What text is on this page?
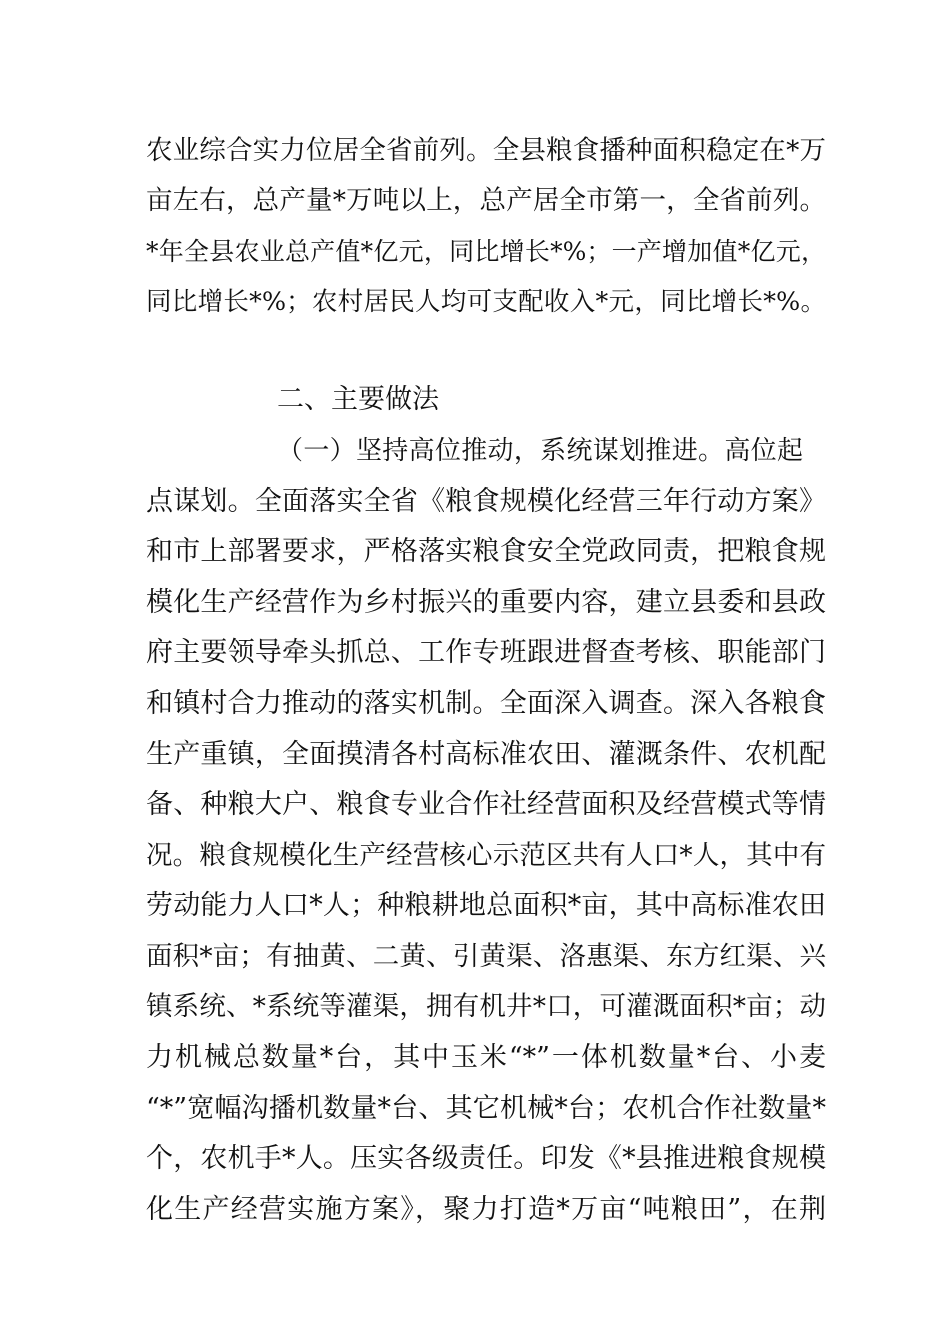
农业综合实力位居全省前列。全县粮食播种面积稳定在*万
亩左右，总产量*万吨以上，总产居全市第一，全省前列。
*年全县农业总产值*亿元，同比增长*%；一产增加值*亿元，
同比增长*%；农村居民人均可支配收入*元，同比增长*%。
二、主要做法
（一）坚持高位推动，系统谋划推进。高位起
点谋划。全面落实全省《粮食规模化经营三年行动方案》
和市上部署要求，严格落实粮食安全党政同责，把粮食规
模化生产经营作为乡村振兴的重要内容，建立县委和县政
府主要领导牵头抓总、工作专班跟进督查考核、职能部门
和镇村合力推动的落实机制。全面深入调查。深入各粮食
生产重镇，全面摸清各村高标准农田、灌溉条件、农机配
备、种粮大户、粮食专业合作社经营面积及经营模式等情
况。粮食规模化生产经营核心示范区共有人口*人，其中有
劳动能力人口*人；种粮耕地总面积*亩，其中高标准农田
面积*亩；有抽黄、二黄、引黄渠、洛惠渠、东方红渠、兴
镇系统、*系统等灌渠，拥有机井*口，可灌溉面积*亩；动
力机械总数量*台，其中玉米“*”一体机数量*台、小麦
“*”宽幅沟播机数量*台、其它机械*台；农机合作社数量*
个，农机手*人。压实各级责任。印发《*县推进粮食规模
化生产经营实施方案》，聚力打造*万亩“吨粮田”，在荆
